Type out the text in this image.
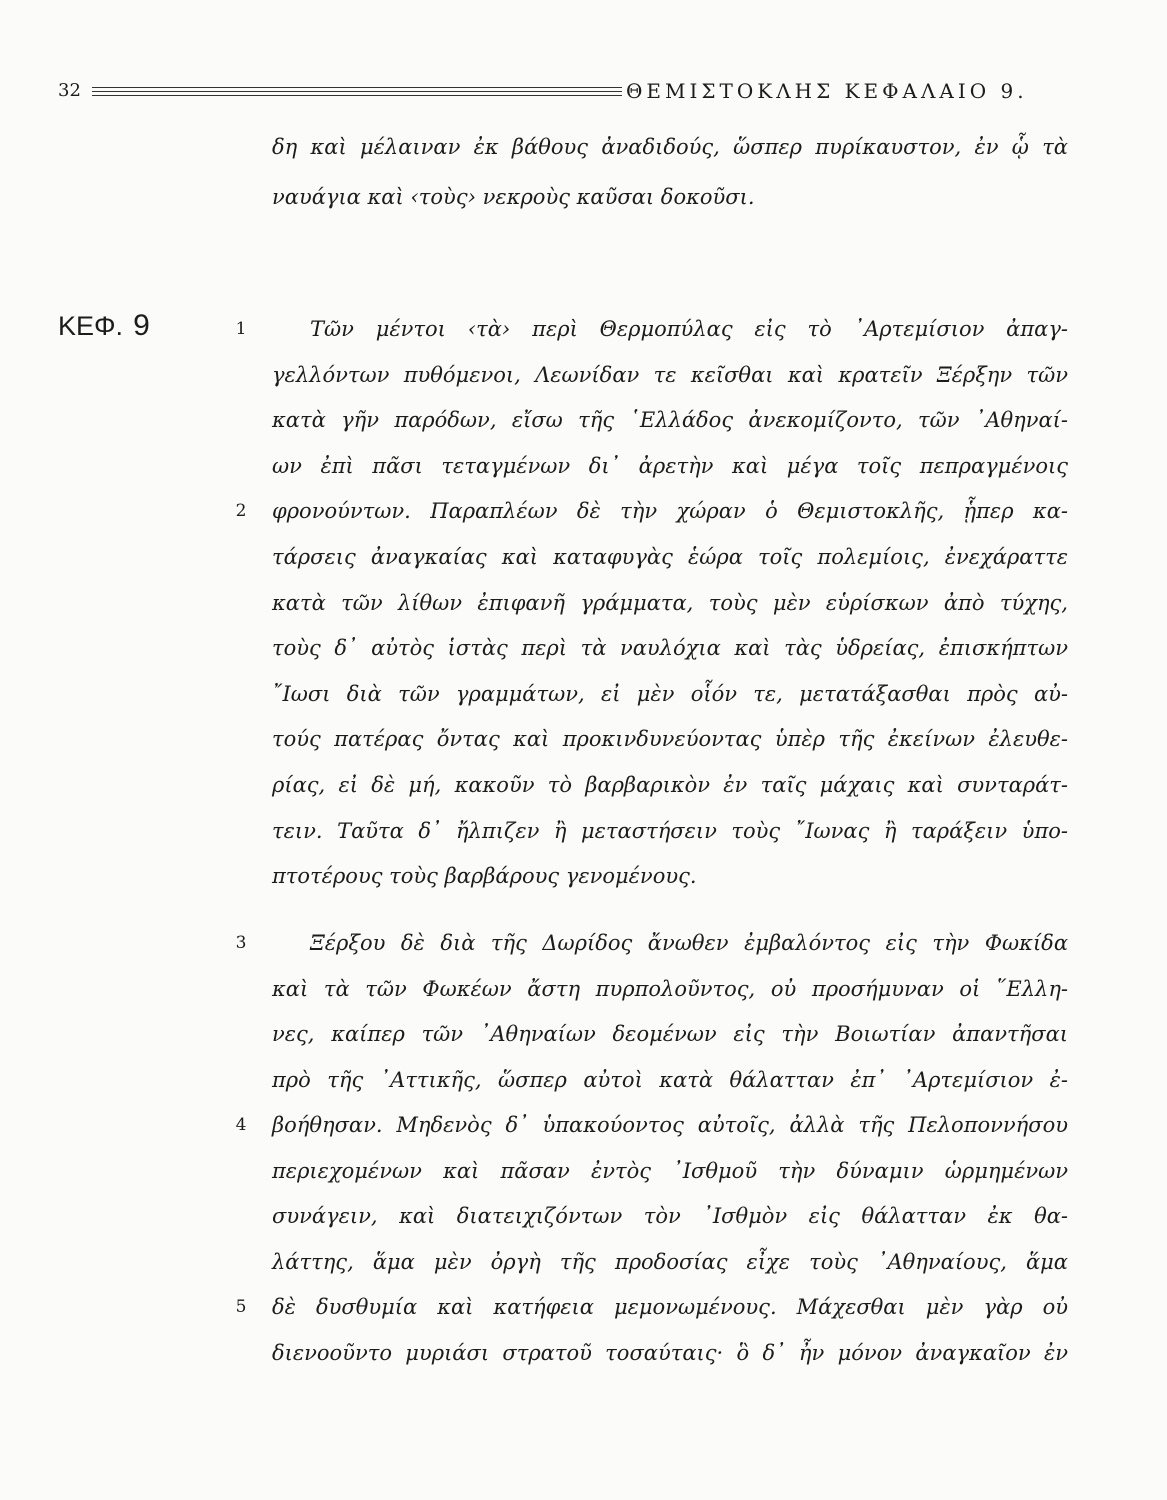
32	ΘΕΜΙΣΤΟΚΛΗΣ ΚΕΦΑΛΑΙΟ 9.
δη καὶ μέλαιναν ἐκ βάθους ἀναδιδούς, ὥσπερ πυρίκαυστον, ἐν ᾧ τὰ
ναυάγια καὶ ‹τοὺς› νεκροὺς καῦσαι δοκοῦσι.
ΚΕΦ. 9	1
2
3
4
5
Τῶν μέντοι ‹τὰ› περὶ Θερμοπύλας εἰς τὸ ᾿Αρτεμίσιον ἀπαγ-
γελλόντων πυθόμενοι, Λεωνίδαν τε κεῖσθαι καὶ κρατεῖν Ξέρξην τῶν
κατὰ γῆν παρόδων, εἴσω τῆς ῾Ελλάδος ἀνεκομίζοντο, τῶν ᾿Αθηναί-
ων ἐπὶ πᾶσι τεταγμένων δι᾿ ἀρετὴν καὶ μέγα τοῖς πεπραγμένοις
φρονούντων. Παραπλέων δὲ τὴν χώραν ὁ Θεμιστοκλῆς, ᾗπερ κα-
τάρσεις ἀναγκαίας καὶ καταφυγὰς ἑώρα τοῖς πολεμίοις, ἐνεχάραττε
κατὰ τῶν λίθων ἐπιφανῆ γράμματα, τοὺς μὲν εὑρίσκων ἀπὸ τύχης,
τοὺς δ᾿ αὐτὸς ἱστὰς περὶ τὰ ναυλόχια καὶ τὰς ὑδρείας, ἐπισκήπτων
῎Ιωσι διὰ τῶν γραμμάτων, εἰ μὲν οἷόν τε, μετατάξασθαι πρὸς αὐ-
τούς πατέρας ὄντας καὶ προκινδυνεύοντας ὑπὲρ τῆς ἐκείνων ἐλευθε-
ρίας, εἰ δὲ μή, κακοῦν τὸ βαρβαρικὸν ἐν ταῖς μάχαις καὶ συνταράτ-
τειν. Ταῦτα δ᾿ ἤλπιζεν ἢ μεταστήσειν τοὺς ῎Ιωνας ἢ ταράξειν ὑπο-
πτοτέρους τοὺς βαρβάρους γενομένους.
Ξέρξου δὲ διὰ τῆς Δωρίδος ἄνωθεν ἐμβαλόντος εἰς τὴν Φωκίδα
καὶ τὰ τῶν Φωκέων ἄστη πυρπολοῦντος, οὐ προσήμυναν οἱ ῞Ελλη-
νες, καίπερ τῶν ᾿Αθηναίων δεομένων εἰς τὴν Βοιωτίαν ἀπαντῆσαι
πρὸ τῆς ᾿Αττικῆς, ὥσπερ αὐτοὶ κατὰ θάλατταν ἐπ᾿ ᾿Αρτεμίσιον ἐ-
βοήθησαν. Μηδενὸς δ᾿ ὑπακούοντος αὐτοῖς, ἀλλὰ τῆς Πελοποννήσου
περιεχομένων καὶ πᾶσαν ἐντὸς ᾿Ισθμοῦ τὴν δύναμιν ὡρμημένων
συνάγειν, καὶ διατειχιζόντων τὸν ᾿Ισθμὸν εἰς θάλατταν ἐκ θα-
λάττης, ἅμα μὲν ὀργὴ τῆς προδοσίας εἶχε τοὺς ᾿Αθηναίους, ἅμα
δὲ δυσθυμία καὶ κατήφεια μεμονωμένους. Μάχεσθαι μὲν γὰρ οὐ
διενοοῦντο μυριάσι στρατοῦ τοσαύταις· ὃ δ᾿ ἦν μόνον ἀναγκαῖον ἐν
